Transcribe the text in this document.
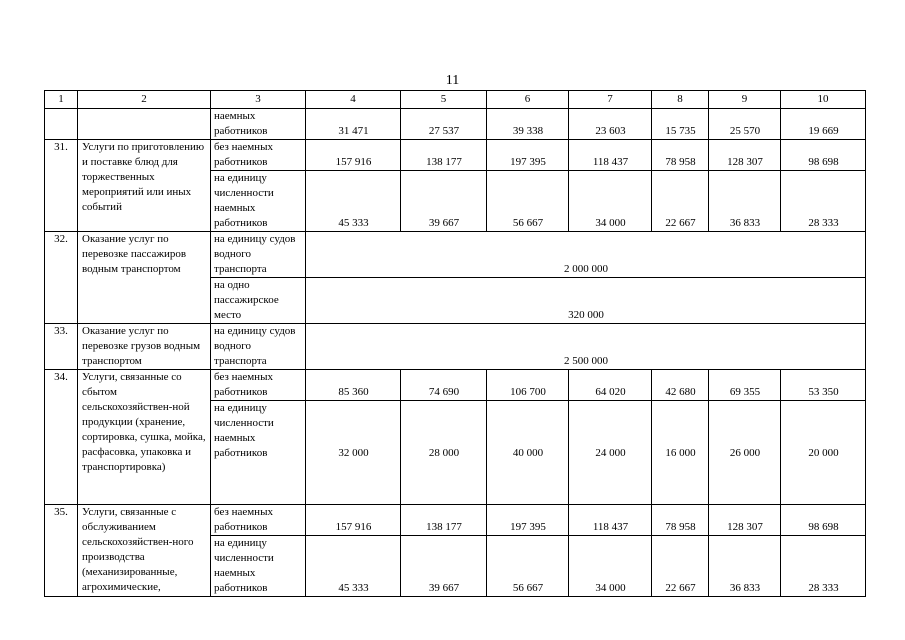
11
1	2	3	4	5	6	7	8	9	10
		наемных работников	31 471	27 537	39 338	23 603	15 735	25 570	19 669
31.	Услуги по приготовлению и поставке блюд для торжественных мероприятий или иных событий	без наемных работников	157 916	138 177	197 395	118 437	78 958	128 307	98 698
		на единицу численности наемных работников	45 333	39 667	56 667	34 000	22 667	36 833	28 333
32.	Оказание услуг по перевозке пассажиров водным транспортом	на единицу судов водного транспорта	2 000 000						
		на одно пассажирское место	320 000						
33.	Оказание услуг по перевозке грузов водным транспортом	на единицу судов водного транспорта	2 500 000						
34.	Услуги, связанные со сбытом сельскохозяйствен-ной продукции (хранение, сортировка, сушка, мойка, расфасовка, упаковка и транспортировка)	без наемных работников	85 360	74 690	106 700	64 020	42 680	69 355	53 350
		на единицу численности наемных работников	32 000	28 000	40 000	24 000	16 000	26 000	20 000
35.	Услуги, связанные с обслуживанием сельскохозяйствен-ного производства (механизированные, агрохимические,	без наемных работников	157 916	138 177	197 395	118 437	78 958	128 307	98 698
		на единицу численности наемных работников	45 333	39 667	56 667	34 000	22 667	36 833	28 333
